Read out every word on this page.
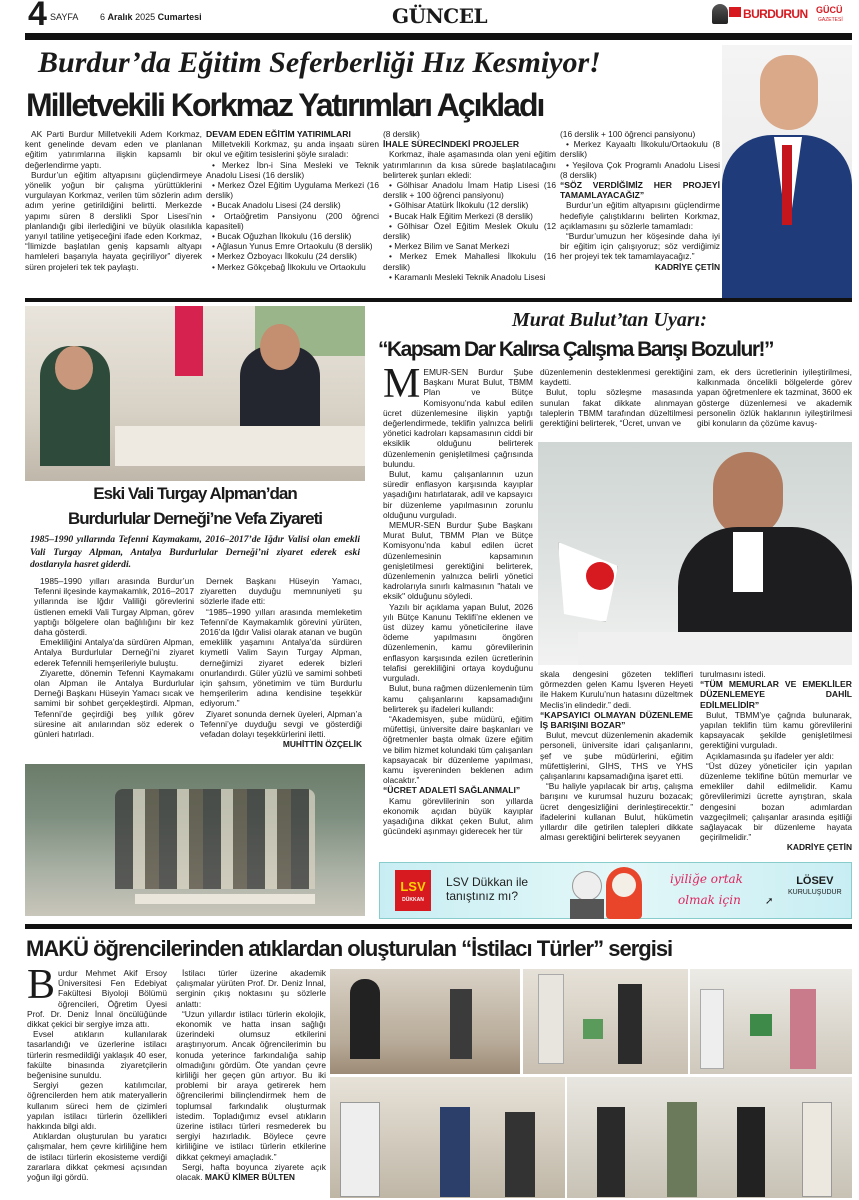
4 SAYFA 6 Aralık 2025 Cumartesi	GÜNCEL	BURDURUN GÜCÜ
GAZETESİ
Burdur’da Eğitim Seferberliği Hız Kesmiyor!
Milletvekili Korkmaz Yatırımları Açıkladı

AK Parti Burdur Milletvekili Adem Korkmaz, kent genelinde devam eden ve planlanan eğitim yatırımlarına ilişkin kapsamlı bir değerlendirme yaptı.

Burdur’un eğitim altyapısını güçlendirmeye yönelik yoğun bir çalışma yürüttüklerini vurgulayan Korkmaz, verilen tüm sözlerin adım adım yerine getirildiğini belirtti. Merkezde yapımı süren 8 derslikli Spor Lisesi’nin planlandığı gibi ilerlediğini ve büyük olasılıkla yarıyıl tatiline yetişeceğini ifade eden Korkmaz, “İlimizde başlatılan geniş kapsamlı altyapı hamleleri başarıyla hayata geçiriliyor” diyerek süren projeleri tek tek paylaştı.

DEVAM EDEN EĞİTİM YATIRIMLARI

Milletvekili Korkmaz, şu anda inşaatı süren okul ve eğitim tesislerini şöyle sıraladı:

• Merkez İbn-i Sina Mesleki ve Teknik Anadolu Lisesi (16 derslik)

• Merkez Özel Eğitim Uygulama Merkezi (16 derslik)

• Bucak Anadolu Lisesi (24 derslik)

• Ortaöğretim Pansiyonu (200 öğrenci kapasiteli)

• Bucak Oğuzhan İlkokulu (16 derslik)

• Ağlasun Yunus Emre Ortaokulu (8 derslik)

• Merkez Özboyacı İlkokulu (24 derslik)

• Merkez Gökçebağ İlkokulu ve Ortaokulu

(8 derslik)
İHALE SÜRECİNDEKİ PROJELER

Korkmaz, ihale aşamasında olan yeni eğitim yatırımlarının da kısa sürede başlatılacağını belirterek şunları ekledi:

• Gölhisar Anadolu İmam Hatip Lisesi (16 derslik + 100 öğrenci pansiyonu)

• Gölhisar Atatürk İlkokulu (12 derslik)

• Bucak Halk Eğitim Merkezi (8 derslik)

• Gölhisar Özel Eğitim Meslek Okulu (12 derslik)

• Merkez Bilim ve Sanat Merkezi

• Merkez Emek Mahallesi İlkokulu (16 derslik)

• Karamanlı Mesleki Teknik Anadolu Lisesi

(16 derslik + 100 öğrenci pansiyonu)

• Merkez Kayaaltı İlkokulu/Ortaokulu (8 derslik)

• Yeşilova Çok Programlı Anadolu Lisesi (8 derslik)

“SÖZ VERDİĞİMİZ HER PROJEYİ TAMAMLAYACAĞIZ”

Burdur’un eğitim altyapısını güçlendirme hedefiyle çalıştıklarını belirten Korkmaz, açıklamasını şu sözlerle tamamladı:

“Burdur’umuzun her köşesinde daha iyi bir eğitim için çalışıyoruz; söz verdiğimiz her projeyi tek tek tamamlayacağız.”

KADRİYE ÇETİN
Eski Vali Turgay Alpman’dan
Burdurlular Derneği’ne Vefa Ziyareti
1985–1990 yıllarında Tefenni Kaymakamı, 2016–2017’de Iğdır Valisi olan emekli Vali Turgay Alpman, Antalya Burdurlular Derneği’ni ziyaret ederek eski dostlarıyla hasret giderdi.

1985–1990 yılları arasında Burdur’un Tefenni ilçesinde kaymakamlık, 2016–2017 yıllarında ise Iğdır Valiliği görevlerini üstlenen emekli Vali Turgay Alpman, görev yaptığı bölgelere olan bağlılığını bir kez daha gösterdi.

Emekliliğini Antalya’da sürdüren Alpman, Antalya Burdurlular Derneği’ni ziyaret ederek Tefennili hemşerileriyle buluştu.

Ziyarette, dönemin Tefenni Kaymakamı olan Alpman ile Antalya Burdurlular Derneği Başkanı Hüseyin Yamacı sıcak ve samimi bir sohbet gerçekleştirdi. Alpman, Tefenni’de geçirdiği beş yıllık görev süresine ait anılarından söz ederek o günleri hatırladı.

Dernek Başkanı Hüseyin Yamacı, ziyaretten duyduğu memnuniyeti şu sözlerle ifade etti:

“1985–1990 yılları arasında memleketim Tefenni’de Kaymakamlık görevini yürüten, 2016’da Iğdır Valisi olarak atanan ve bugün emeklilik yaşamını Antalya’da sürdüren kıymetli Valim Sayın Turgay Alpman, derneğimizi ziyaret ederek bizleri onurlandırdı. Güler yüzlü ve samimi sohbeti için şahsım, yönetimim ve tüm Burdurlu hemşerilerim adına kendisine teşekkür ediyorum.”

Ziyaret sonunda dernek üyeleri, Alpman’a Tefenni’ye duyduğu sevgi ve gösterdiği vefadan dolayı teşekkürlerini iletti.

MUHİTTİN ÖZÇELİK
Murat Bulut’tan Uyarı:
“Kapsam Dar Kalırsa Çalışma Barışı Bozulur!”

MEMUR-SEN Burdur Şube Başkanı Murat Bulut, TBMM Plan ve Bütçe Komisyonu’nda kabul edilen ücret düzenlemesine ilişkin yaptığı değerlendirmede, teklifin yalnızca belirli yönetici kadroları kapsamasının ciddi bir eksiklik olduğunu belirterek düzenlemenin genişletilmesi çağrısında bulundu.

Bulut, kamu çalışanlarının uzun süredir enflasyon karşısında kayıplar yaşadığını hatırlatarak, adil ve kapsayıcı bir düzenleme yapılmasının zorunlu olduğunu vurguladı.

MEMUR-SEN Burdur Şube Başkanı Murat Bulut, TBMM Plan ve Bütçe Komisyonu’nda kabul edilen ücret düzenlemesinin kapsamının genişletilmesi gerektiğini belirterek, düzenlemenin yalnızca belirli yönetici kadrolarıyla sınırlı kalmasının "hatalı ve eksik" olduğunu söyledi.

Yazılı bir açıklama yapan Bulut, 2026 yılı Bütçe Kanunu Teklifi’ne eklenen ve üst düzey kamu yöneticilerine ilave ödeme yapılmasını öngören düzenlemenin, kamu görevlilerinin enflasyon karşısında ezilen ücretlerinin telafisi gerekliliğini ortaya koyduğunu vurguladı.

Bulut, buna rağmen düzenlemenin tüm kamu çalışanlarını kapsamadığını belirterek şu ifadeleri kullandı:

“Akademisyen, şube müdürü, eğitim müfettişi, üniversite daire başkanları ve öğretmenler başta olmak üzere eğitim ve bilim hizmet kolundaki tüm çalışanları kapsayacak bir düzenleme yapılması, kamu işvereninden beklenen adım olacaktır.”

“ÜCRET ADALETİ SAĞLANMALI”

Kamu görevlilerinin son yıllarda ekonomik açıdan büyük kayıplar yaşadığına dikkat çeken Bulut, alım gücündeki aşınmayı giderecek her tür

düzenlemenin desteklenmesi gerektiğini kaydetti.

Bulut, toplu sözleşme masasında sunulan fakat dikkate alınmayan taleplerin TBMM tarafından düzeltilmesi gerektiğini belirterek, “Ücret, unvan ve

zam, ek ders ücretlerinin iyileştirilmesi, kalkınmada öncelikli bölgelerde görev yapan öğretmenlere ek tazminat, 3600 ek gösterge düzenlemesi ve akademik personelin özlük haklarının iyileştirilmesi gibi konuların da çözüme kavuş-

skala dengesini gözeten teklifleri görmezden gelen Kamu İşveren Heyeti ile Hakem Kurulu’nun hatasını düzeltmek Meclis’in elindedir.” dedi.

“KAPSAYICI OLMAYAN DÜZENLEME İŞ BARIŞINI BOZAR”

Bulut, mevcut düzenlemenin akademik personeli, üniversite idari çalışanlarını, şef ve şube müdürlerini, eğitim müfettişlerini, GİHS, THS ve YHS çalışanlarını kapsamadığına işaret etti.

“Bu haliyle yapılacak bir artış, çalışma barışını ve kurumsal huzuru bozacak; ücret dengesizliğini derinleştirecektir.” ifadelerini kullanan Bulut, hükümetin yıllardır dile getirilen talepleri dikkate alması gerektiğini belirterek seyyanen

turulmasını istedi.

“TÜM MEMURLAR VE EMEKLİLER DÜZENLEMEYE DAHİL EDİLMELİDİR”

Bulut, TBMM’ye çağrıda bulunarak, yapılan teklifin tüm kamu görevlilerini kapsayacak şekilde genişletilmesi gerektiğini vurguladı.

Açıklamasında şu ifadeler yer aldı:

“Üst düzey yöneticiler için yapılan düzenleme teklifine bütün memurlar ve emekliler dahil edilmelidir. Kamu görevlilerimizi ücrette ayrıştıran, skala dengesini bozan adımlardan vazgeçilmeli; çalışanlar arasında eşitliği sağlayacak bir düzenleme hayata geçirilmelidir.”

KADRİYE ÇETİN
LSV
DÜKKAN
LSV Dükkan ile
tanıştınız mı?
iyiliğe ortak
olmak için ➚
LÖSEV
KURULUŞUDUR
MAKÜ öğrencilerinden atıklardan oluşturulan “İstilacı Türler” sergisi

Burdur Mehmet Akif Ersoy Üniversitesi Fen Edebiyat Fakültesi Biyoloji Bölümü öğrencileri, Öğretim Üyesi Prof. Dr. Deniz İnnal öncülüğünde dikkat çekici bir sergiye imza attı.

Evsel atıkların kullanılarak tasarlandığı ve üzerlerine istilacı türlerin resmedildiği yaklaşık 40 eser, fakülte binasında ziyaretçilerin beğenisine sunuldu.

Sergiyi gezen katılımcılar, öğrencilerden hem atık materyallerin kullanım süreci hem de çizimleri yapılan istilacı türlerin özellikleri hakkında bilgi aldı.

Atıklardan oluşturulan bu yaratıcı çalışmalar, hem çevre kirliliğine hem de istilacı türlerin ekosisteme verdiği zararlara dikkat çekmesi açısından yoğun ilgi gördü.

İstilacı türler üzerine akademik çalışmalar yürüten Prof. Dr. Deniz İnnal, serginin çıkış noktasını şu sözlerle anlattı:

“Uzun yıllardır istilacı türlerin ekolojik, ekonomik ve hatta insan sağlığı üzerindeki olumsuz etkilerini araştırıyorum. Ancak öğrencilerimin bu konuda yeterince farkındalığa sahip olmadığını gördüm. Öte yandan çevre kirliliği her geçen gün artıyor. Bu iki problemi bir araya getirerek hem öğrencilerimi bilinçlendirmek hem de toplumsal farkındalık oluşturmak istedim. Topladığımız evsel atıkların üzerine istilacı türleri resmederek bu sergiyi hazırladık. Böylece çevre kirliliğine ve istilacı türlerin etkilerine dikkat çekmeyi amaçladık.”

Sergi, hafta boyunca ziyarete açık olacak. MAKÜ KİMER BÜLTEN
